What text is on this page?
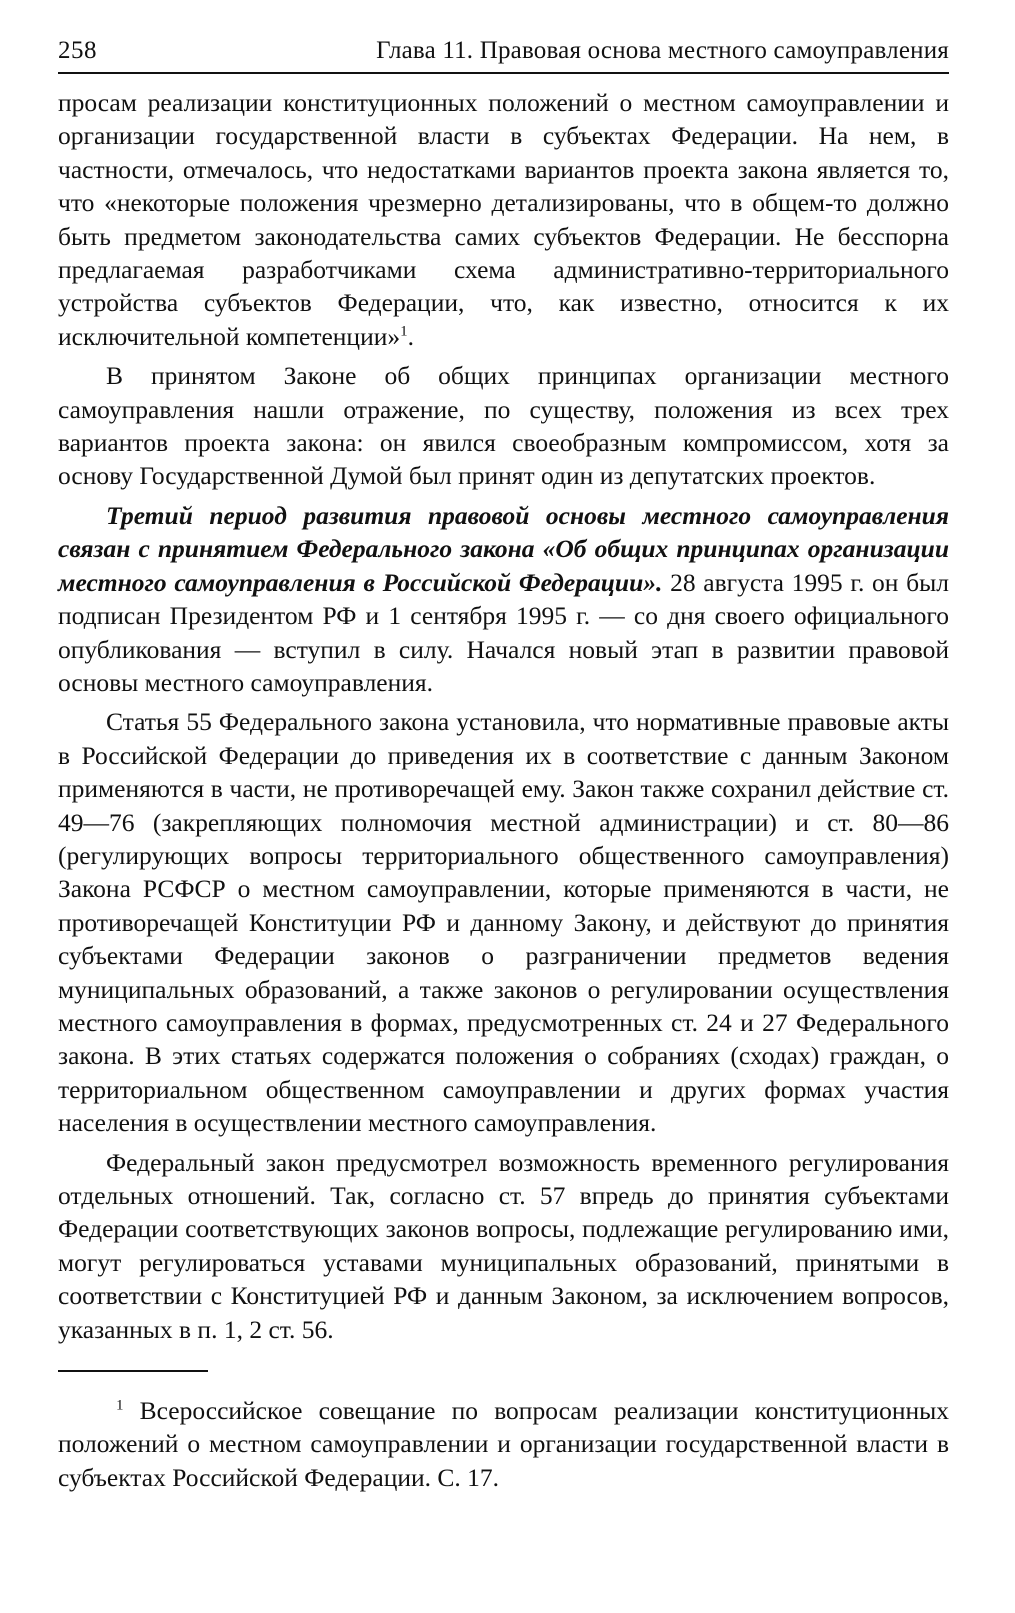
258	Глава 11. Правовая основа местного самоуправления

просам реализации конституционных положений о местном самоуправлении и организации государственной власти в субъектах Федерации. На нем, в частности, отмечалось, что недостатками вариантов проекта закона является то, что «некоторые положения чрезмерно детализированы, что в общем-то должно быть предметом законодательства самих субъектов Федерации. Не бесспорна предлагаемая разработчиками схема административно-территориального устройства субъектов Федерации, что, как известно, относится к их исключительной компетенции»$^1$.

В принятом Законе об общих принципах организации местного самоуправления нашли отражение, по существу, положения из всех трех вариантов проекта закона: он явился своеобразным компромиссом, хотя за основу Государственной Думой был принят один из депутатских проектов.

Третий период развития правовой основы местного самоуправления связан с принятием Федерального закона «Об общих принципах организации местного самоуправления в Российской Федерации». 28 августа 1995 г. он был подписан Президентом РФ и 1 сентября 1995 г. — со дня своего официального опубликования — вступил в силу. Начался новый этап в развитии правовой основы местного самоуправления.

Статья 55 Федерального закона установила, что нормативные правовые акты в Российской Федерации до приведения их в соответствие с данным Законом применяются в части, не противоречащей ему. Закон также сохранил действие ст. 49—76 (закрепляющих полномочия местной администрации) и ст. 80—86 (регулирующих вопросы территориального общественного самоуправления) Закона РСФСР о местном самоуправлении, которые применяются в части, не противоречащей Конституции РФ и данному Закону, и действуют до принятия субъектами Федерации законов о разграничении предметов ведения муниципальных образований, а также законов о регулировании осуществления местного самоуправления в формах, предусмотренных ст. 24 и 27 Федерального закона. В этих статьях содержатся положения о собраниях (сходах) граждан, о территориальном общественном самоуправлении и других формах участия населения в осуществлении местного самоуправления.

Федеральный закон предусмотрел возможность временного регулирования отдельных отношений. Так, согласно ст. 57 впредь до принятия субъектами Федерации соответствующих законов вопросы, подлежащие регулированию ими, могут регулироваться уставами муниципальных образований, принятыми в соответствии с Конституцией РФ и данным Законом, за исключением вопросов, указанных в п. 1, 2 ст. 56.

$^1$ Всероссийское совещание по вопросам реализации конституционных положений о местном самоуправлении и организации государственной власти в субъектах Российской Федерации. С. 17.
